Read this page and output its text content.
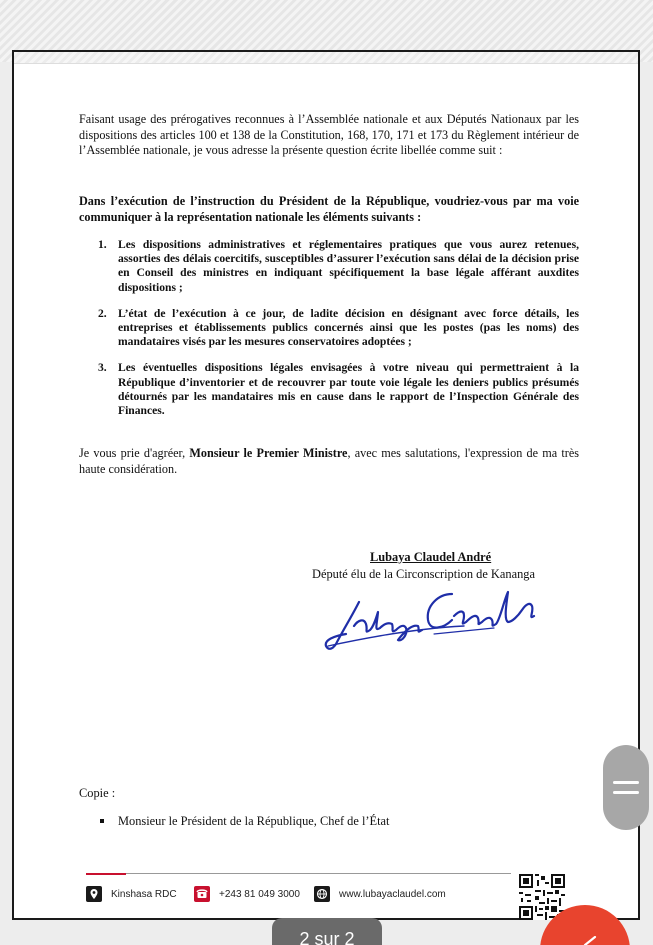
Faisant usage des prérogatives reconnues à l’Assemblée nationale et aux Députés Nationaux par les dispositions des articles 100 et 138 de la Constitution, 168, 170, 171 et 173 du Règlement intérieur de l’Assemblée nationale, je vous adresse la présente question écrite libellée comme suit :

Dans l’exécution de l’instruction du Président de la République, voudriez-vous par ma voie communiquer à la représentation nationale les éléments suivants :

1. Les dispositions administratives et réglementaires pratiques que vous aurez retenues, assorties des délais coercitifs, susceptibles d’assurer l’exécution sans délai de la décision prise en Conseil des ministres en indiquant spécifiquement la base légale afférant auxdites dispositions ;
2. L’état de l’exécution à ce jour, de ladite décision en désignant avec force détails, les entreprises et établissements publics concernés ainsi que les postes (pas les noms) des mandataires visés par les mesures conservatoires adoptées ;
3. Les éventuelles dispositions légales envisagées à votre niveau qui permettraient à la République d’inventorier et de recouvrer par toute voie légale les deniers publics présumés détournés par les mandataires mis en cause dans le rapport de l’Inspection Générale des Finances.

Je vous prie d'agréer, Monsieur le Premier Ministre, avec mes salutations, l'expression de ma très haute considération.

Lubaya Claudel André
Député élu de la Circonscription de Kananga
Copie :
Monsieur le Président de la République, Chef de l’État
Kinshasa RDC	+243 81 049 3000	www.lubayaclaudel.com
2 sur 2
